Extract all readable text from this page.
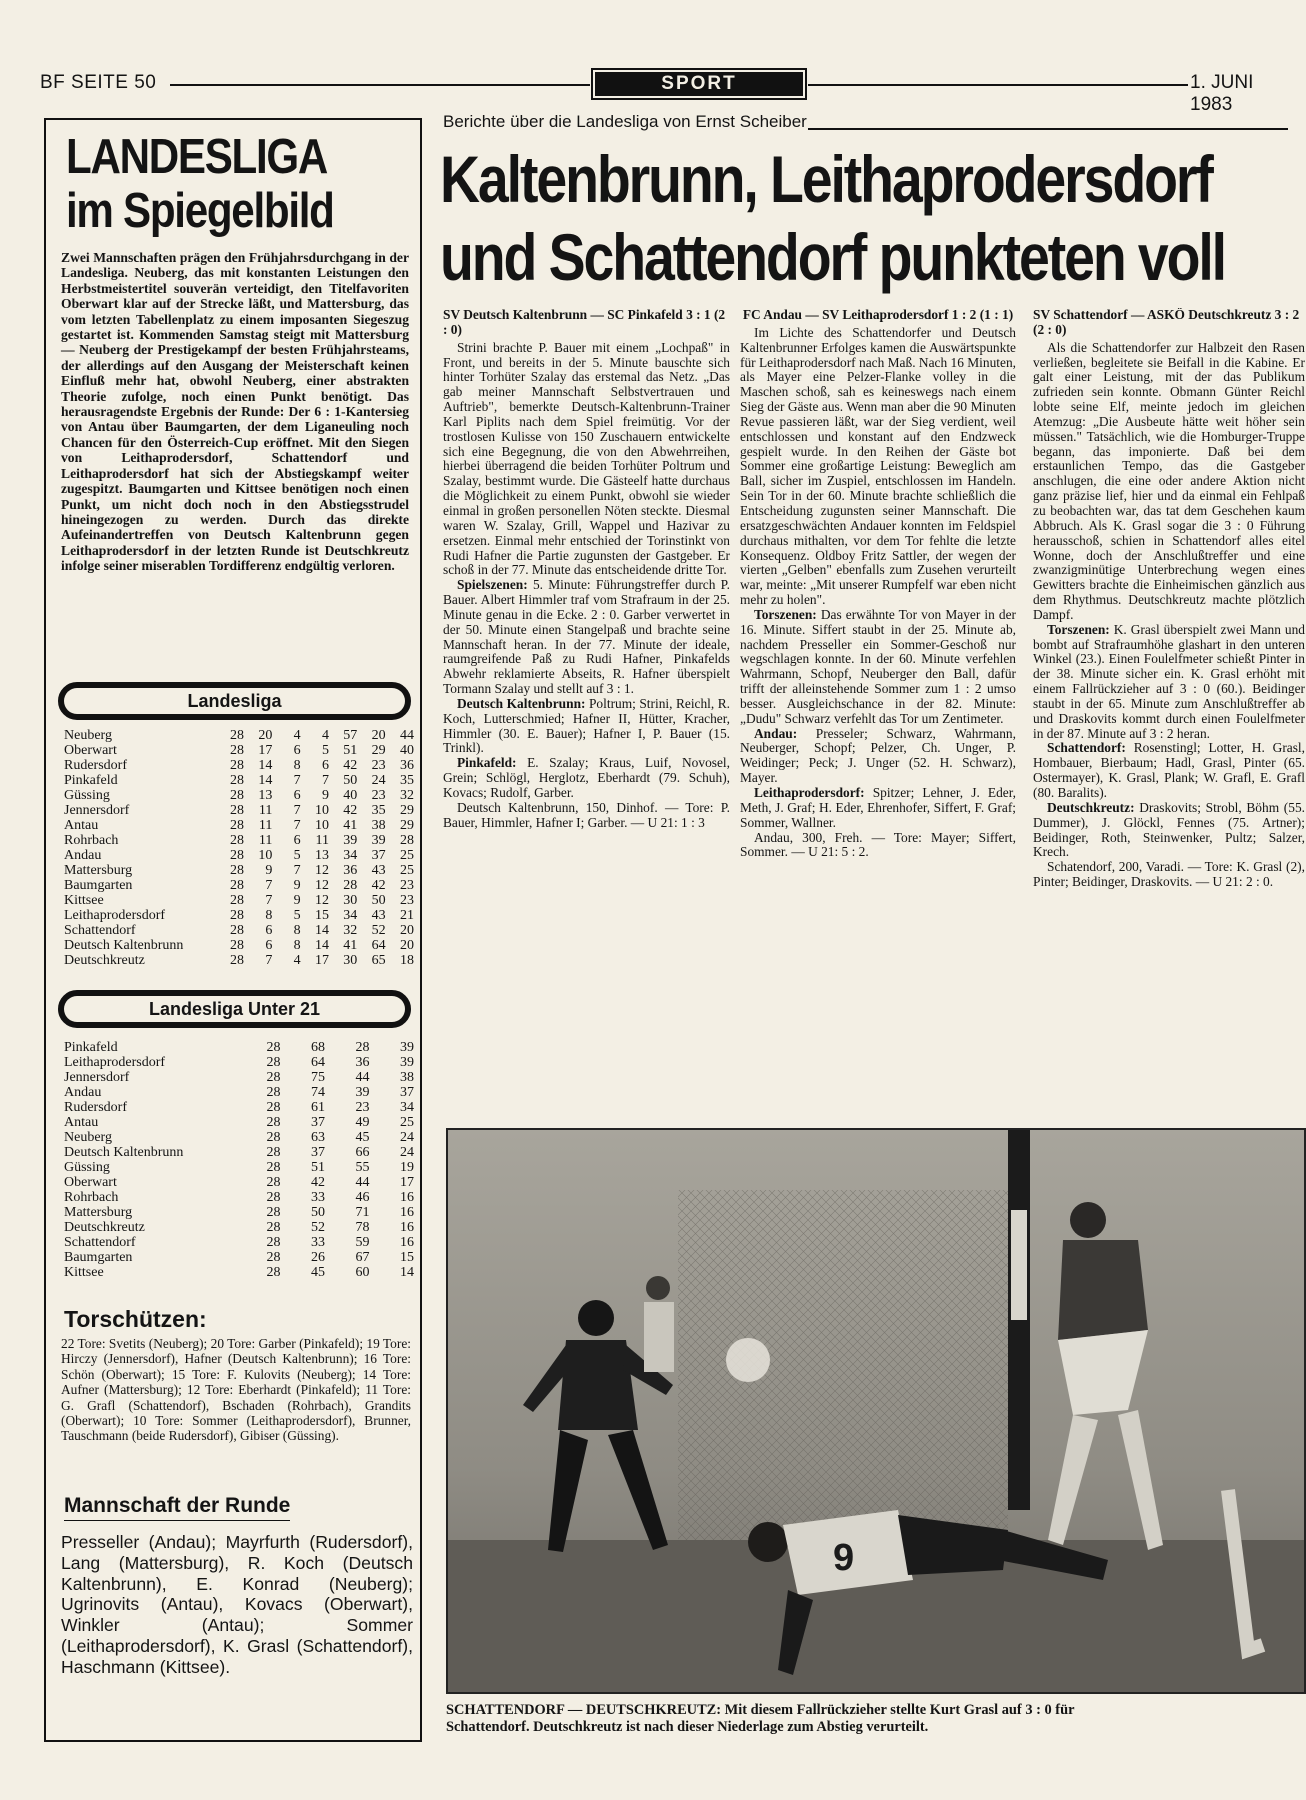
BF SEITE 50	SPORT	1. JUNI 1983
LANDESLIGA
im Spiegelbild
Zwei Mannschaften prägen den Frühjahrsdurchgang in der Landesliga. Neuberg, das mit konstanten Leistungen den Herbstmeistertitel souverän verteidigt, den Titelfavoriten Oberwart klar auf der Strecke läßt, und Mattersburg, das vom letzten Tabellenplatz zu einem imposanten Siegeszug gestartet ist. Kommenden Samstag steigt mit Mattersburg — Neuberg der Prestigekampf der besten Frühjahrsteams, der allerdings auf den Ausgang der Meisterschaft keinen Einfluß mehr hat, obwohl Neuberg, einer abstrakten Theorie zufolge, noch einen Punkt benötigt. Das herausragendste Ergebnis der Runde: Der 6 : 1-Kantersieg von Antau über Baumgarten, der dem Liganeuling noch Chancen für den Österreich-Cup eröffnet. Mit den Siegen von Leithaprodersdorf, Schattendorf und Leithaprodersdorf hat sich der Abstiegskampf weiter zugespitzt. Baumgarten und Kittsee benötigen noch einen Punkt, um nicht doch noch in den Abstiegsstrudel hineingezogen zu werden. Durch das direkte Aufeinandertreffen von Deutsch Kaltenbrunn gegen Leithaprodersdorf in der letzten Runde ist Deutschkreutz infolge seiner miserablen Tordifferenz endgültig verloren.
Landesliga
Neuberg	28	20	4	4	57	20	44
Oberwart	28	17	6	5	51	29	40
Rudersdorf	28	14	8	6	42	23	36
Pinkafeld	28	14	7	7	50	24	35
Güssing	28	13	6	9	40	23	32
Jennersdorf	28	11	7	10	42	35	29
Antau	28	11	7	10	41	38	29
Rohrbach	28	11	6	11	39	39	28
Andau	28	10	5	13	34	37	25
Mattersburg	28	9	7	12	36	43	25
Baumgarten	28	7	9	12	28	42	23
Kittsee	28	7	9	12	30	50	23
Leithaprodersdorf	28	8	5	15	34	43	21
Schattendorf	28	6	8	14	32	52	20
Deutsch Kaltenbrunn	28	6	8	14	41	64	20
Deutschkreutz	28	7	4	17	30	65	18
Landesliga Unter 21
Pinkafeld	28	68	28	39
Leithaprodersdorf	28	64	36	39
Jennersdorf	28	75	44	38
Andau	28	74	39	37
Rudersdorf	28	61	23	34
Antau	28	37	49	25
Neuberg	28	63	45	24
Deutsch Kaltenbrunn	28	37	66	24
Güssing	28	51	55	19
Oberwart	28	42	44	17
Rohrbach	28	33	46	16
Mattersburg	28	50	71	16
Deutschkreutz	28	52	78	16
Schattendorf	28	33	59	16
Baumgarten	28	26	67	15
Kittsee	28	45	60	14
Torschützen:
22 Tore: Svetits (Neuberg); 20 Tore: Garber (Pinkafeld); 19 Tore: Hirczy (Jennersdorf), Hafner (Deutsch Kaltenbrunn); 16 Tore: Schön (Oberwart); 15 Tore: F. Kulovits (Neuberg); 14 Tore: Aufner (Mattersburg); 12 Tore: Eberhardt (Pinkafeld); 11 Tore: G. Grafl (Schattendorf), Bschaden (Rohrbach), Grandits (Oberwart); 10 Tore: Sommer (Leithaprodersdorf), Brunner, Tauschmann (beide Rudersdorf), Gibiser (Güssing).
Mannschaft der Runde
Presseller (Andau); Mayrfurth (Rudersdorf), Lang (Mattersburg), R. Koch (Deutsch Kaltenbrunn), E. Konrad (Neuberg); Ugrinovits (Antau), Kovacs (Oberwart), Winkler (Antau); Sommer (Leithaprodersdorf), K. Grasl (Schattendorf), Haschmann (Kittsee).
Berichte über die Landesliga von Ernst Scheiber
Kaltenbrunn, Leithaprodersdorf
und Schattendorf punkteten voll
SV Deutsch Kaltenbrunn — SC Pinkafeld 3 : 1 (2 : 0)

Strini brachte P. Bauer mit einem „Lochpaß" in Front, und bereits in der 5. Minute bauschte sich hinter Torhüter Szalay das erstemal das Netz. „Das gab meiner Mannschaft Selbstvertrauen und Auftrieb", bemerkte Deutsch-Kaltenbrunn-Trainer Karl Piplits nach dem Spiel freimütig. Vor der trostlosen Kulisse von 150 Zuschauern entwickelte sich eine Begegnung, die von den Abwehrreihen, hierbei überragend die beiden Torhüter Poltrum und Szalay, bestimmt wurde. Die Gästeelf hatte durchaus die Möglichkeit zu einem Punkt, obwohl sie wieder einmal in großen personellen Nöten steckte. Diesmal waren W. Szalay, Grill, Wappel und Hazivar zu ersetzen. Einmal mehr entschied der Torinstinkt von Rudi Hafner die Partie zugunsten der Gastgeber. Er schoß in der 77. Minute das entscheidende dritte Tor.

Spielszenen: 5. Minute: Führungstreffer durch P. Bauer. Albert Himmler traf vom Strafraum in der 25. Minute genau in die Ecke. 2 : 0. Garber verwertet in der 50. Minute einen Stangelpaß und brachte seine Mannschaft heran. In der 77. Minute der ideale, raumgreifende Paß zu Rudi Hafner, Pinkafelds Abwehr reklamierte Abseits, R. Hafner überspielt Tormann Szalay und stellt auf 3 : 1.

Deutsch Kaltenbrunn: Poltrum; Strini, Reichl, R. Koch, Lutterschmied; Hafner II, Hütter, Kracher, Himmler (30. E. Bauer); Hafner I, P. Bauer (15. Trinkl).

Pinkafeld: E. Szalay; Kraus, Luif, Novosel, Grein; Schlögl, Herglotz, Eberhardt (79. Schuh), Kovacs; Rudolf, Garber.

Deutsch Kaltenbrunn, 150, Dinhof. — Tore: P. Bauer, Himmler, Hafner I; Garber. — U 21: 1 : 3

FC Andau — SV Leithaprodersdorf 1 : 2 (1 : 1)

Im Lichte des Schattendorfer und Deutsch Kaltenbrunner Erfolges kamen die Auswärtspunkte für Leithaprodersdorf nach Maß. Nach 16 Minuten, als Mayer eine Pelzer-Flanke volley in die Maschen schoß, sah es keineswegs nach einem Sieg der Gäste aus. Wenn man aber die 90 Minuten Revue passieren läßt, war der Sieg verdient, weil entschlossen und konstant auf den Endzweck gespielt wurde. In den Reihen der Gäste bot Sommer eine großartige Leistung: Beweglich am Ball, sicher im Zuspiel, entschlossen im Handeln. Sein Tor in der 60. Minute brachte schließlich die Entscheidung zugunsten seiner Mannschaft. Die ersatzgeschwächten Andauer konnten im Feldspiel durchaus mithalten, vor dem Tor fehlte die letzte Konsequenz. Oldboy Fritz Sattler, der wegen der vierten „Gelben" ebenfalls zum Zusehen verurteilt war, meinte: „Mit unserer Rumpfelf war eben nicht mehr zu holen".

Torszenen: Das erwähnte Tor von Mayer in der 16. Minute. Siffert staubt in der 25. Minute ab, nachdem Presseller ein Sommer-Geschoß nur wegschlagen konnte. In der 60. Minute verfehlen Wahrmann, Schopf, Neuberger den Ball, dafür trifft der alleinstehende Sommer zum 1 : 2 umso besser. Ausgleichschance in der 82. Minute: „Dudu" Schwarz verfehlt das Tor um Zentimeter.

Andau: Presseler; Schwarz, Wahrmann, Neuberger, Schopf; Pelzer, Ch. Unger, P. Weidinger; Peck; J. Unger (52. H. Schwarz), Mayer.

Leithaprodersdorf: Spitzer; Lehner, J. Eder, Meth, J. Graf; H. Eder, Ehrenhofer, Siffert, F. Graf; Sommer, Wallner.

Andau, 300, Freh. — Tore: Mayer; Siffert, Sommer. — U 21: 5 : 2.

SV Schattendorf — ASKÖ Deutschkreutz 3 : 2 (2 : 0)

Als die Schattendorfer zur Halbzeit den Rasen verließen, begleitete sie Beifall in die Kabine. Er galt einer Leistung, mit der das Publikum zufrieden sein konnte. Obmann Günter Reichl lobte seine Elf, meinte jedoch im gleichen Atemzug: „Die Ausbeute hätte weit höher sein müssen." Tatsächlich, wie die Homburger-Truppe begann, das imponierte. Daß bei dem erstaunlichen Tempo, das die Gastgeber anschlugen, die eine oder andere Aktion nicht ganz präzise lief, hier und da einmal ein Fehlpaß zu beobachten war, das tat dem Geschehen kaum Abbruch. Als K. Grasl sogar die 3 : 0 Führung herausschoß, schien in Schattendorf alles eitel Wonne, doch der Anschlußtreffer und eine zwanzigminütige Unterbrechung wegen eines Gewitters brachte die Einheimischen gänzlich aus dem Rhythmus. Deutschkreutz machte plötzlich Dampf.

Torszenen: K. Grasl überspielt zwei Mann und bombt auf Strafraumhöhe glashart in den unteren Winkel (23.). Einen Foulelfmeter schießt Pinter in der 38. Minute sicher ein. K. Grasl erhöht mit einem Fallrückzieher auf 3 : 0 (60.). Beidinger staubt in der 65. Minute zum Anschlußtreffer ab und Draskovits kommt durch einen Foulelfmeter in der 87. Minute auf 3 : 2 heran.

Schattendorf: Rosenstingl; Lotter, H. Grasl, Hombauer, Bierbaum; Hadl, Grasl, Pinter (65. Ostermayer), K. Grasl, Plank; W. Grafl, E. Grafl (80. Baralits).

Deutschkreutz: Draskovits; Strobl, Böhm (55. Dummer), J. Glöckl, Fennes (75. Artner); Beidinger, Roth, Steinwenker, Pultz; Salzer, Krech.

Schatendorf, 200, Varadi. — Tore: K. Grasl (2), Pinter; Beidinger, Draskovits. — U 21: 2 : 0.

9
SCHATTENDORF — DEUTSCHKREUTZ: Mit diesem Fallrückzieher stellte Kurt Grasl auf 3 : 0 für
Schattendorf. Deutschkreutz ist nach dieser Niederlage zum Abstieg verurteilt.
